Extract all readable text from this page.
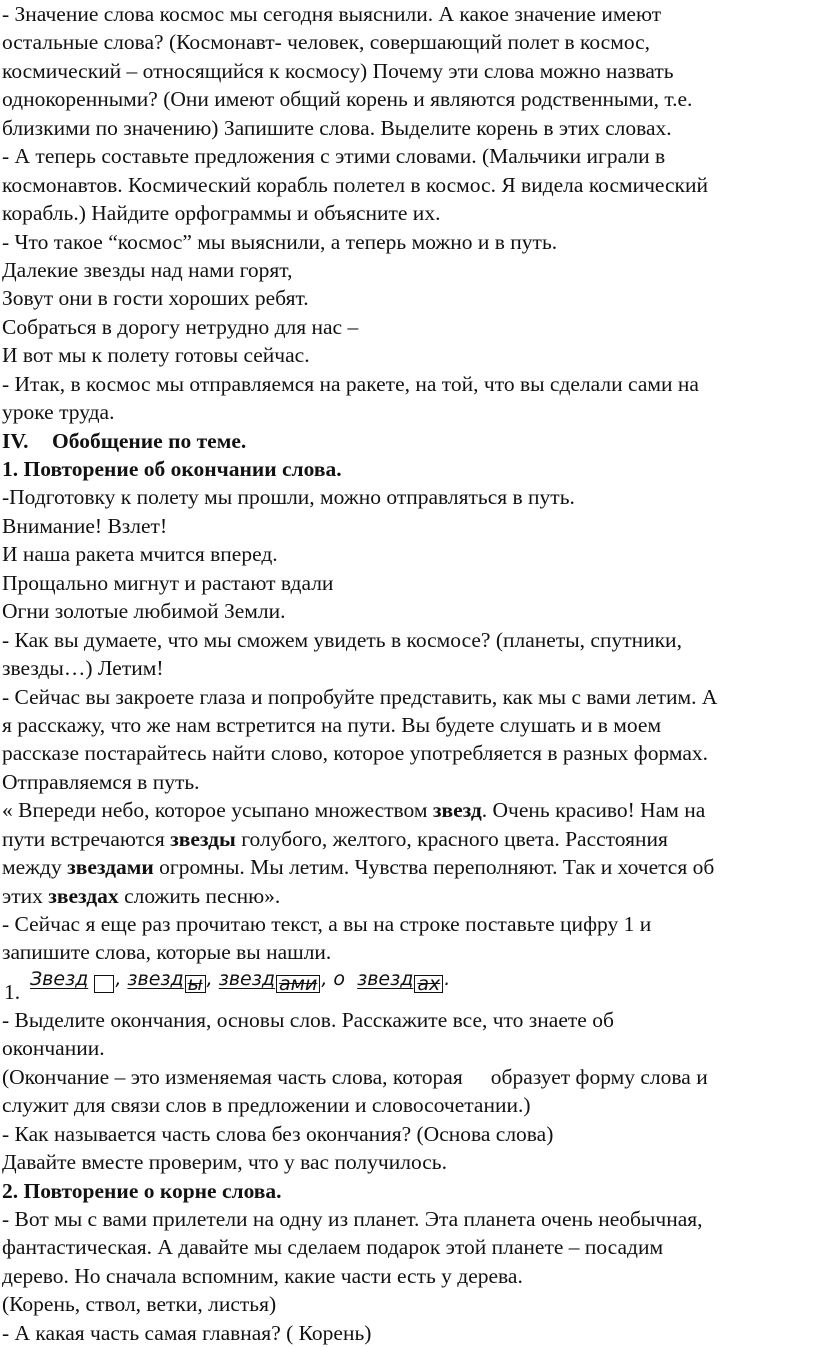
- Значение слова космос мы сегодня выяснили. А какое значение имеют
остальные слова? (Космонавт- человек, совершающий полет в космос,
космический – относящийся к космосу) Почему эти слова можно назвать
однокоренными? (Они имеют общий корень и являются родственными, т.е.
близкими по значению) Запишите слова. Выделите корень в этих словах.
- А теперь составьте предложения с этими словами. (Мальчики играли в
космонавтов. Космический корабль полетел в космос. Я видела космический
корабль.) Найдите орфограммы и объясните их.
- Что такое “космос” мы выяснили, а теперь можно и в путь.
Далекие звезды над нами горят,
Зовут они в гости хороших ребят.
Собраться в дорогу нетрудно для нас –
И вот мы к полету готовы сейчас.
- Итак, в космос мы отправляемся на ракете, на той, что вы сделали сами на
уроке труда.
IV. Обобщение по теме.
1. Повторение об окончании слова.
-Подготовку к полету мы прошли, можно отправляться в путь.
Внимание! Взлет!
И наша ракета мчится вперед.
Прощально мигнут и растают вдали
Огни золотые любимой Земли.
- Как вы думаете, что мы сможем увидеть в космосе? (планеты, спутники,
звезды…) Летим!
- Сейчас вы закроете глаза и попробуйте представить, как мы с вами летим. А
я расскажу, что же нам встретится на пути. Вы будете слушать и в моем
рассказе постарайтесь найти слово, которое употребляется в разных формах.
Отправляемся в путь.
« Впереди небо, которое усыпано множеством звезд. Очень красиво! Нам на
пути встречаются звезды голубого, желтого, красного цвета. Расстояния
между звездами огромны. Мы летим. Чувства переполняют. Так и хочется об
этих звездах сложить песню».
- Сейчас я еще раз прочитаю текст, а вы на строке поставьте цифру 1 и
запишите слова, которые вы нашли.
1.
Звезд ,
звезд ы ,
звезд ами ,
о
звезд ах .
- Выделите окончания, основы слов. Расскажите все, что знаете об
окончании.
(Окончание – это изменяемая часть слова, которая образует форму слова и
служит для связи слов в предложении и словосочетании.)
- Как называется часть слова без окончания? (Основа слова)
Давайте вместе проверим, что у вас получилось.
2. Повторение о корне слова.
- Вот мы с вами прилетели на одну из планет. Эта планета очень необычная,
фантастическая. А давайте мы сделаем подарок этой планете – посадим
дерево. Но сначала вспомним, какие части есть у дерева.
(Корень, ствол, ветки, листья)
- А какая часть самая главная? ( Корень)
